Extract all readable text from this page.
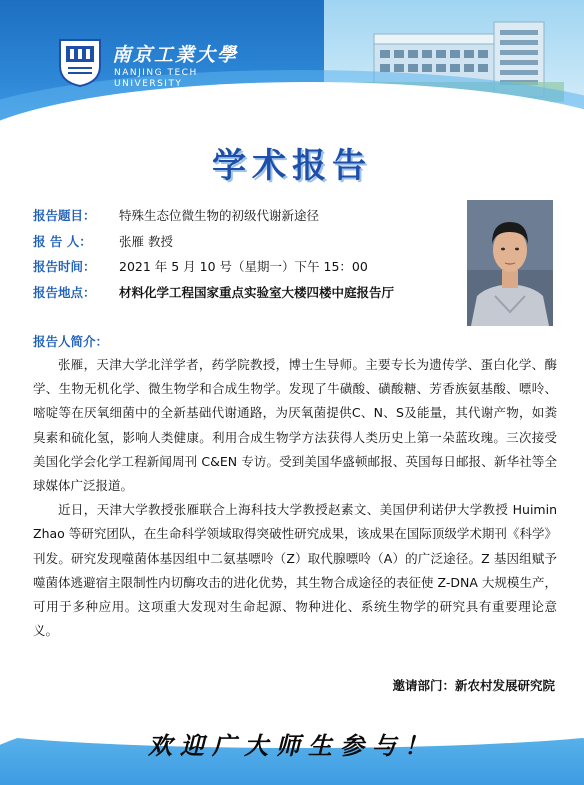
南京工業大學
NANJING TECH UNIVERSITY
学术报告
报告题目： 特殊生态位微生物的初级代谢新途径
报 告 人： 张雁 教授
报告时间： 2021 年 5 月 10 号（星期一）下午 15：00
报告地点： 材料化学工程国家重点实验室大楼四楼中庭报告厅
报告人简介：

张雁，天津大学北洋学者，药学院教授，博士生导师。主要专长为遗传学、蛋白化学、酶学、生物无机化学、微生物学和合成生物学。发现了牛磺酸、磺酸糖、芳香族氨基酸、嘌呤、嘧啶等在厌氧细菌中的全新基础代谢通路，为厌氧菌提供C、N、S及能量，其代谢产物，如粪臭素和硫化氢，影响人类健康。利用合成生物学方法获得人类历史上第一朵蓝玫瑰。三次接受美国化学会化学工程新闻周刊 C&EN 专访。受到美国华盛顿邮报、英国每日邮报、新华社等全球媒体广泛报道。

近日，天津大学教授张雁联合上海科技大学教授赵素文、美国伊利诺伊大学教授 Huimin Zhao 等研究团队，在生命科学领域取得突破性研究成果，该成果在国际顶级学术期刊《科学》刊发。研究发现噬菌体基因组中二氨基嘌呤（Z）取代腺嘌呤（A）的广泛途径。Z 基因组赋予噬菌体逃避宿主限制性内切酶攻击的进化优势，其生物合成途径的表征使 Z-DNA 大规模生产，可用于多种应用。这项重大发现对生命起源、物种进化、系统生物学的研究具有重要理论意义。

邀请部门：新农村发展研究院
欢迎广大师生参与！
